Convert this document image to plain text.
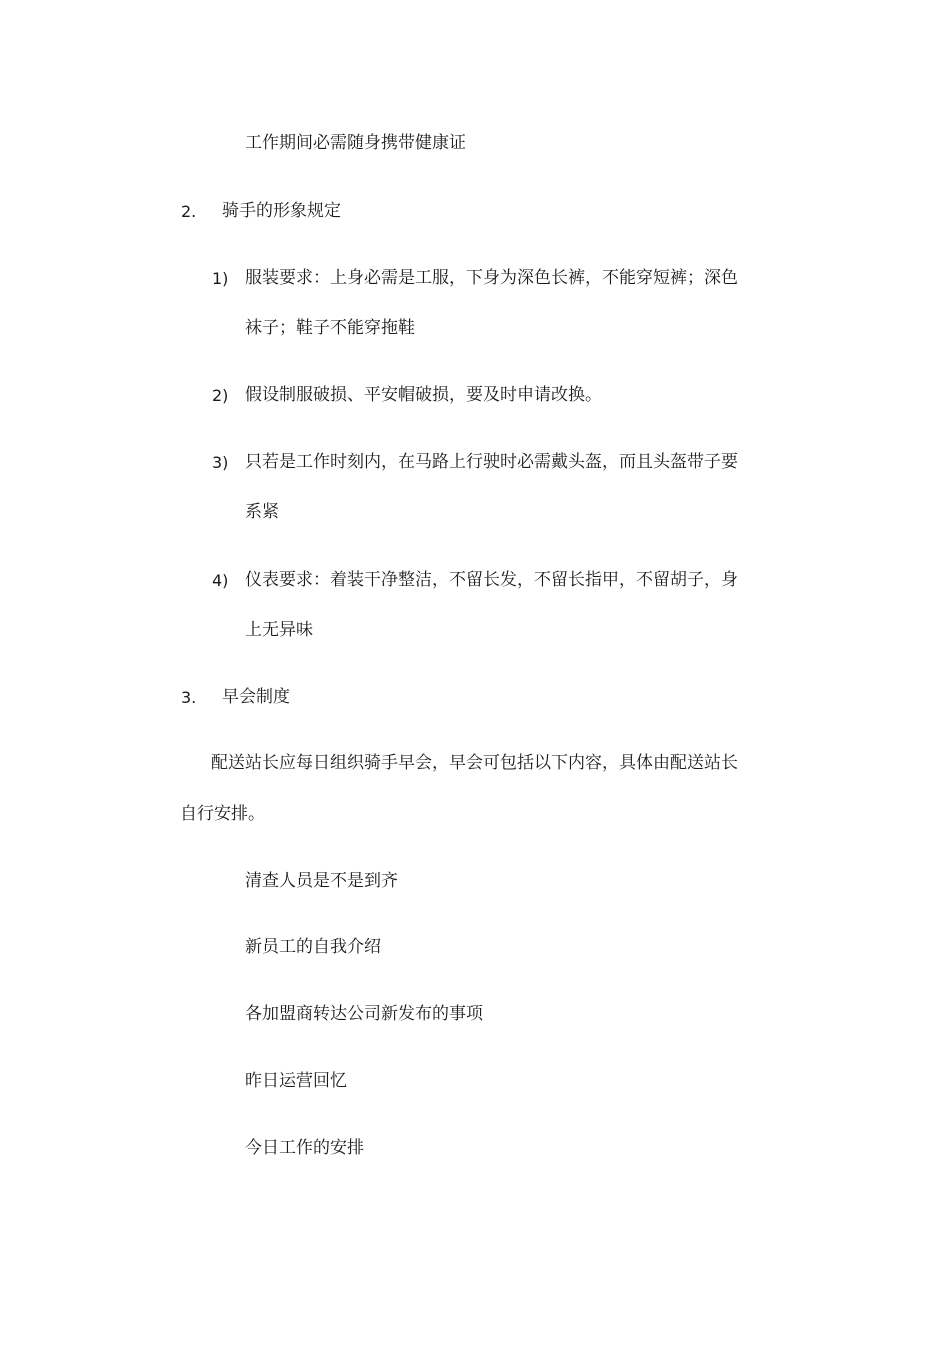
工作期间必需随身携带健康证
2. 骑手的形象规定
1) 服装要求：上身必需是工服，下身为深色长裤，不能穿短裤；深色
袜子；鞋子不能穿拖鞋
2) 假设制服破损、平安帽破损，要及时申请改换。
3) 只若是工作时刻内，在马路上行驶时必需戴头盔，而且头盔带子要
系紧
4) 仪表要求：着装干净整洁，不留长发，不留长指甲，不留胡子，身
上无异味
3. 早会制度
配送站长应每日组织骑手早会，早会可包括以下内容，具体由配送站长
自行安排。
清查人员是不是到齐
新员工的自我介绍
各加盟商转达公司新发布的事项
昨日运营回忆
今日工作的安排
